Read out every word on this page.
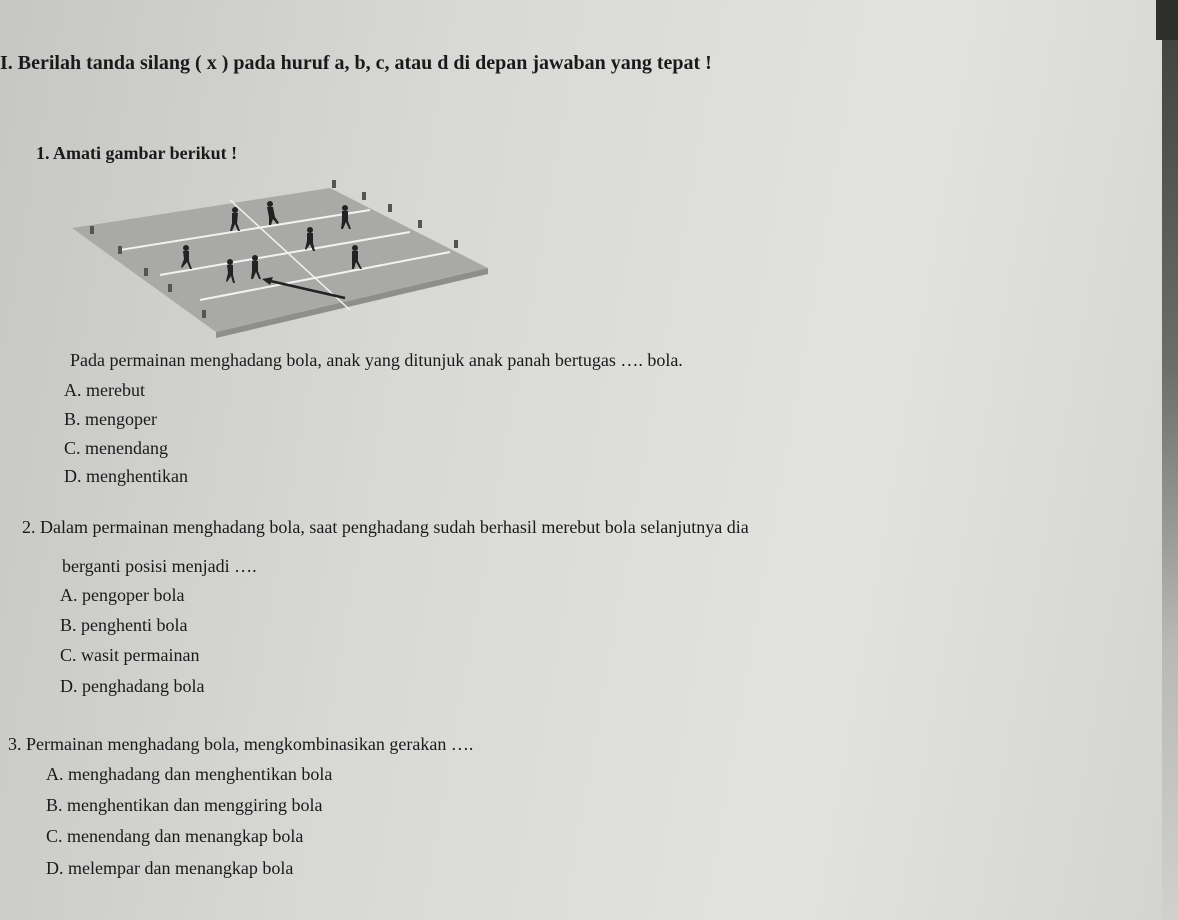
I. Berilah tanda silang ( x ) pada huruf a, b, c, atau d di depan jawaban yang tepat !

1. Amati gambar berikut !

Pada permainan menghadang bola, anak yang ditunjuk anak panah bertugas …. bola.

A. merebut

B. mengoper

C. menendang

D. menghentikan

2. Dalam permainan menghadang bola, saat penghadang sudah berhasil merebut bola selanjutnya dia

berganti posisi menjadi ….

A. pengoper bola

B. penghenti bola

C. wasit permainan

D. penghadang bola

3. Permainan menghadang bola, mengkombinasikan gerakan ….

A. menghadang dan menghentikan bola

B. menghentikan dan menggiring bola

C. menendang dan menangkap bola

D. melempar dan menangkap bola
